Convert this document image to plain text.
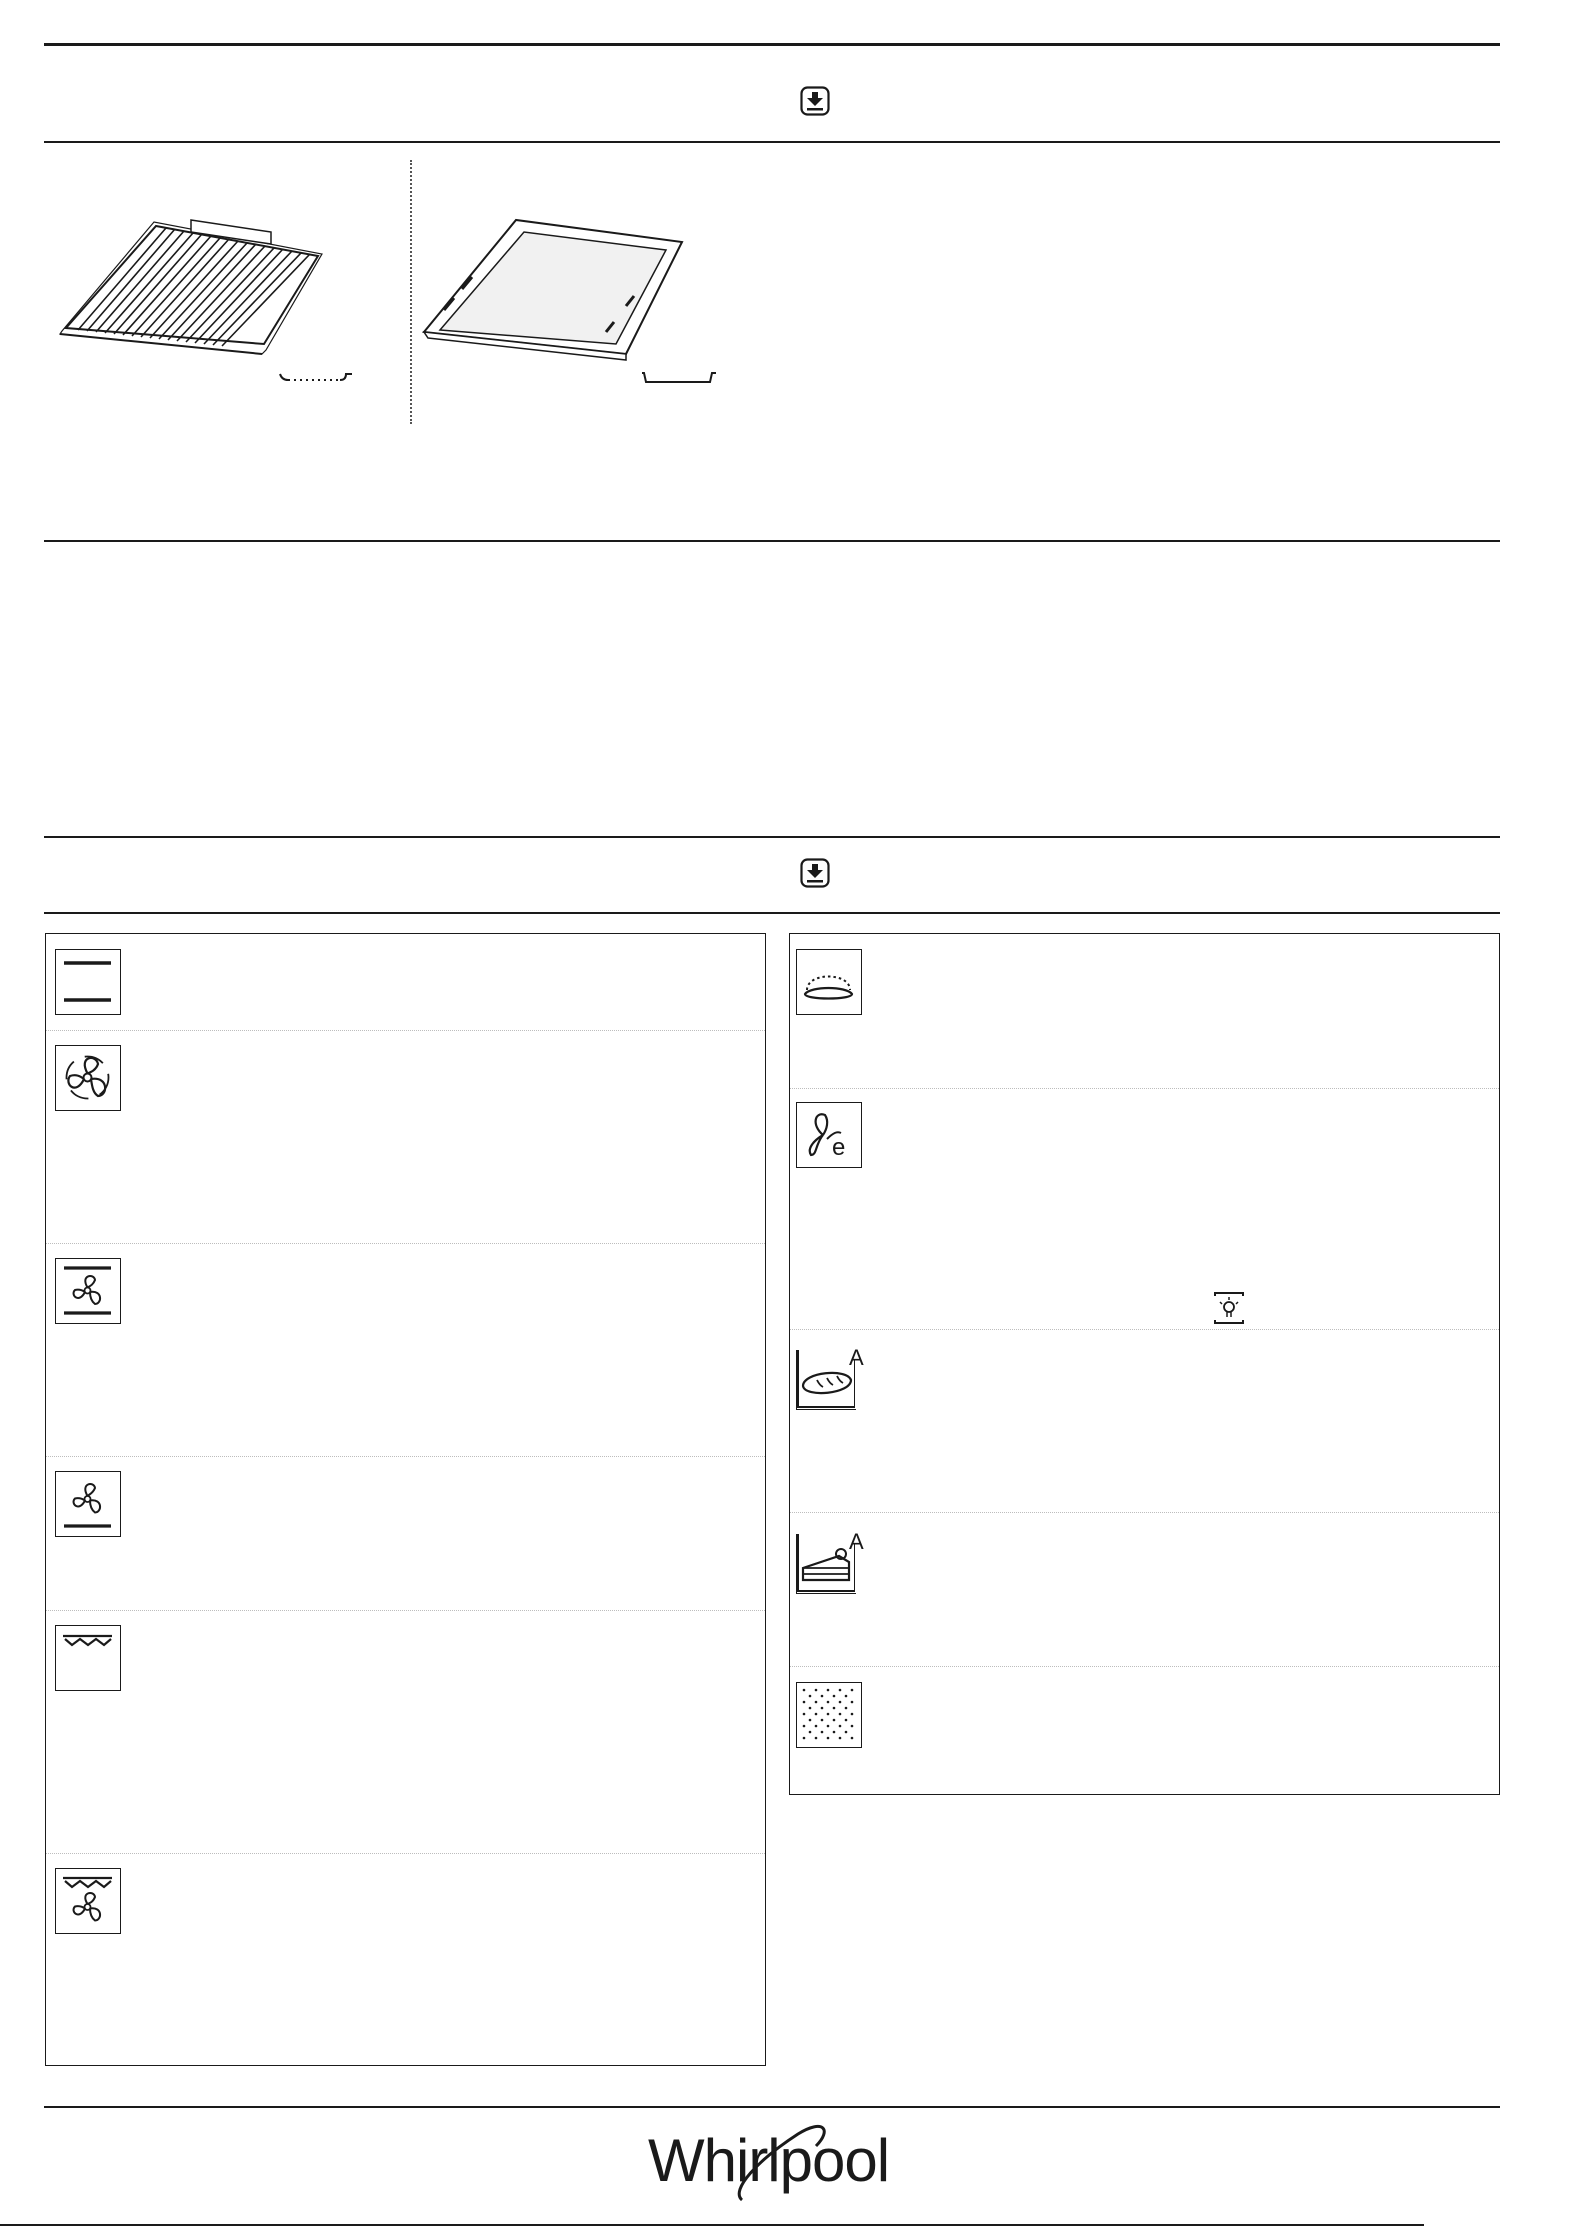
e
A
A
Whirlpool
